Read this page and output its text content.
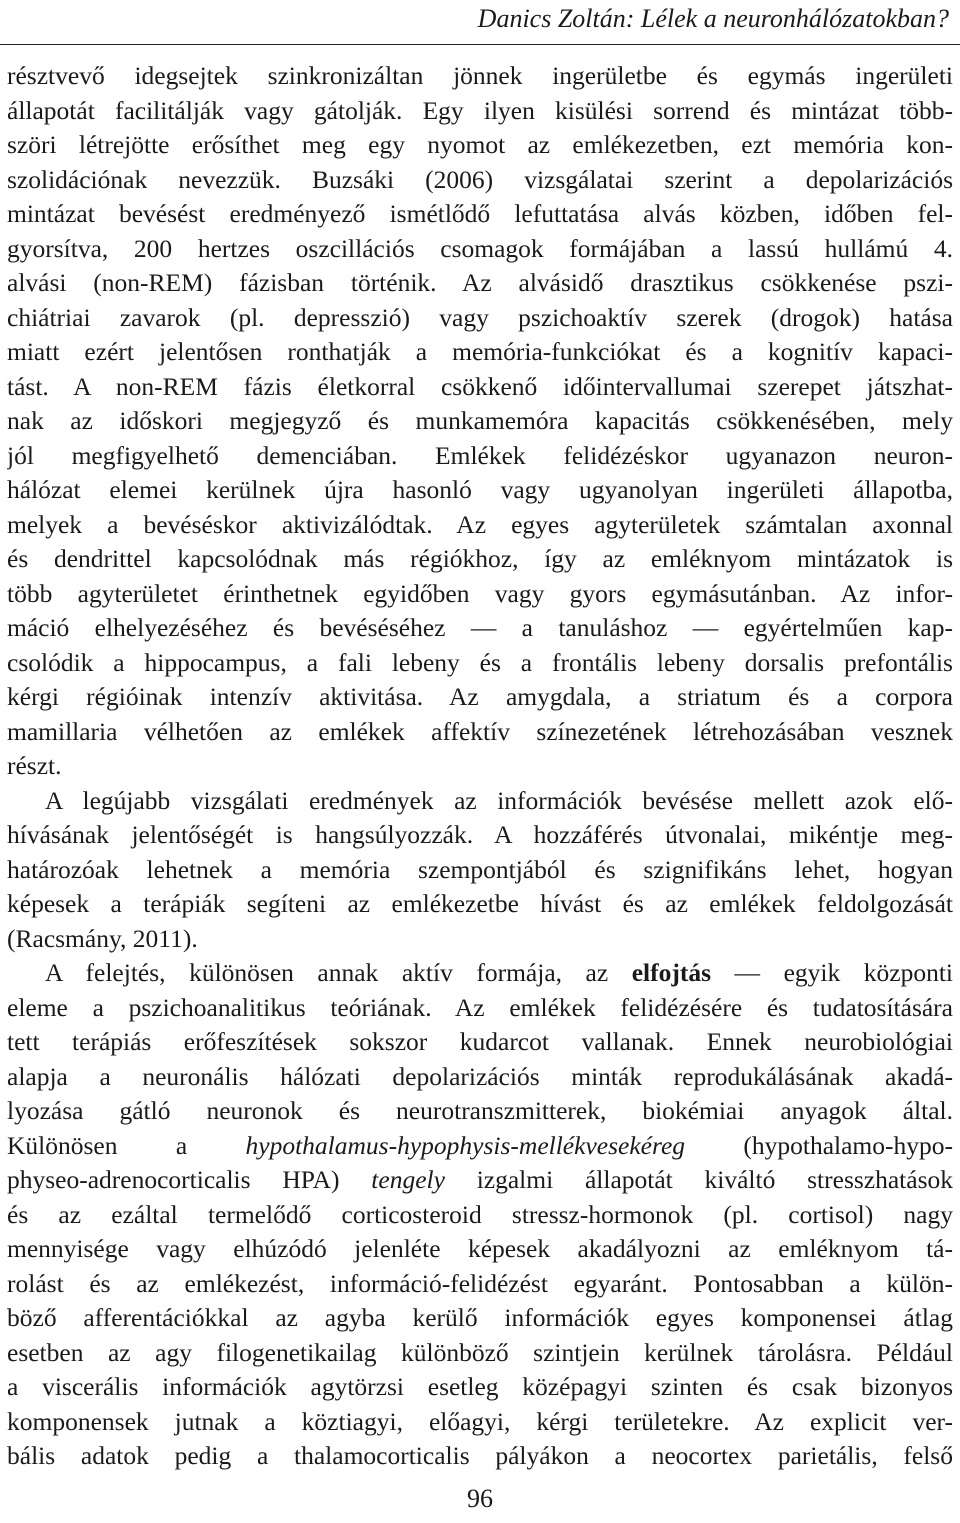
Danics Zoltán: Lélek a neuronhálózatokban?
résztvevő idegsejtek szinkronizáltan jönnek ingerületbe és egymás ingerületi
állapotát facilitálják vagy gátolják. Egy ilyen kisülési sorrend és mintázat több-
szöri létrejötte erősíthet meg egy nyomot az emlékezetben, ezt memória kon-
szolidációnak nevezzük. Buzsáki (2006) vizsgálatai szerint a depolarizációs
mintázat bevésést eredményező ismétlődő lefuttatása alvás közben, időben fel-
gyorsítva, 200 hertzes oszcillációs csomagok formájában a lassú hullámú 4.
alvási (non-REM) fázisban történik. Az alvásidő drasztikus csökkenése pszi-
chiátriai zavarok (pl. depresszió) vagy pszichoaktív szerek (drogok) hatása
miatt ezért jelentősen ronthatják a memória-funkciókat és a kognitív kapaci-
tást. A non-REM fázis életkorral csökkenő időintervallumai szerepet játszhat-
nak az időskori megjegyző és munkamemóra kapacitás csökkenésében, mely
jól megfigyelhető demenciában. Emlékek felidézéskor ugyanazon neuron-
hálózat elemei kerülnek újra hasonló vagy ugyanolyan ingerületi állapotba,
melyek a bevéséskor aktivizálódtak. Az egyes agyterületek számtalan axonnal
és dendrittel kapcsolódnak más régiókhoz, így az emléknyom mintázatok is
több agyterületet érinthetnek egyidőben vagy gyors egymásutánban. Az infor-
máció elhelyezéséhez és bevéséséhez — a tanuláshoz — egyértelműen kap-
csolódik a hippocampus, a fali lebeny és a frontális lebeny dorsalis prefontális
kérgi régióinak intenzív aktivitása. Az amygdala, a striatum és a corpora
mamillaria vélhetően az emlékek affektív színezetének létrehozásában vesznek
részt.
A legújabb vizsgálati eredmények az információk bevésése mellett azok elő-
hívásának jelentőségét is hangsúlyozzák. A hozzáférés útvonalai, mikéntje meg-
határozóak lehetnek a memória szempontjából és szignifikáns lehet, hogyan
képesek a terápiák segíteni az emlékezetbe hívást és az emlékek feldolgozását
(Racsmány, 2011).
A felejtés, különösen annak aktív formája, az elfojtás — egyik központi
eleme a pszichoanalitikus teóriának. Az emlékek felidézésére és tudatosítására
tett terápiás erőfeszítések sokszor kudarcot vallanak. Ennek neurobiológiai
alapja a neuronális hálózati depolarizációs minták reprodukálásának akadá-
lyozása gátló neuronok és neurotranszmitterek, biokémiai anyagok által.
Különösen a hypothalamus-hypophysis-mellékvesekéreg (hypothalamo-hypo-
physeo-adrenocorticalis HPA) tengely izgalmi állapotát kiváltó stresszhatások
és az ezáltal termelődő corticosteroid stressz-hormonok (pl. cortisol) nagy
mennyisége vagy elhúzódó jelenléte képesek akadályozni az emléknyom tá-
rolást és az emlékezést, információ-felidézést egyaránt. Pontosabban a külön-
böző afferentációkkal az agyba kerülő információk egyes komponensei átlag
esetben az agy filogenetikailag különböző szintjein kerülnek tárolásra. Például
a viscerális információk agytörzsi esetleg középagyi szinten és csak bizonyos
komponensek jutnak a köztiagyi, előagyi, kérgi területekre. Az explicit ver-
bális adatok pedig a thalamocorticalis pályákon a neocortex parietális, felső
96
